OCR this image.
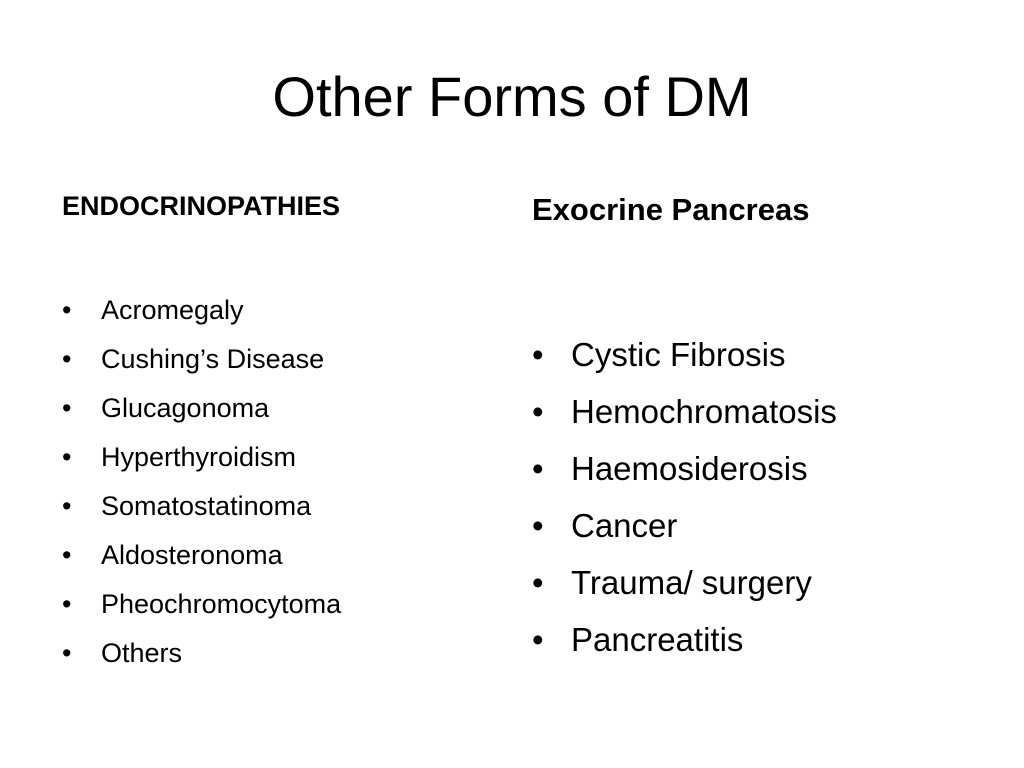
Other Forms of DM

ENDOCRINOPATHIES

• Acromegaly
• Cushing’s Disease
• Glucagonoma
• Hyperthyroidism
• Somatostatinoma
• Aldosteronoma
• Pheochromocytoma
• Others

Exocrine Pancreas

• Cystic Fibrosis
• Hemochromatosis
• Haemosiderosis
• Cancer
• Trauma/ surgery
• Pancreatitis
